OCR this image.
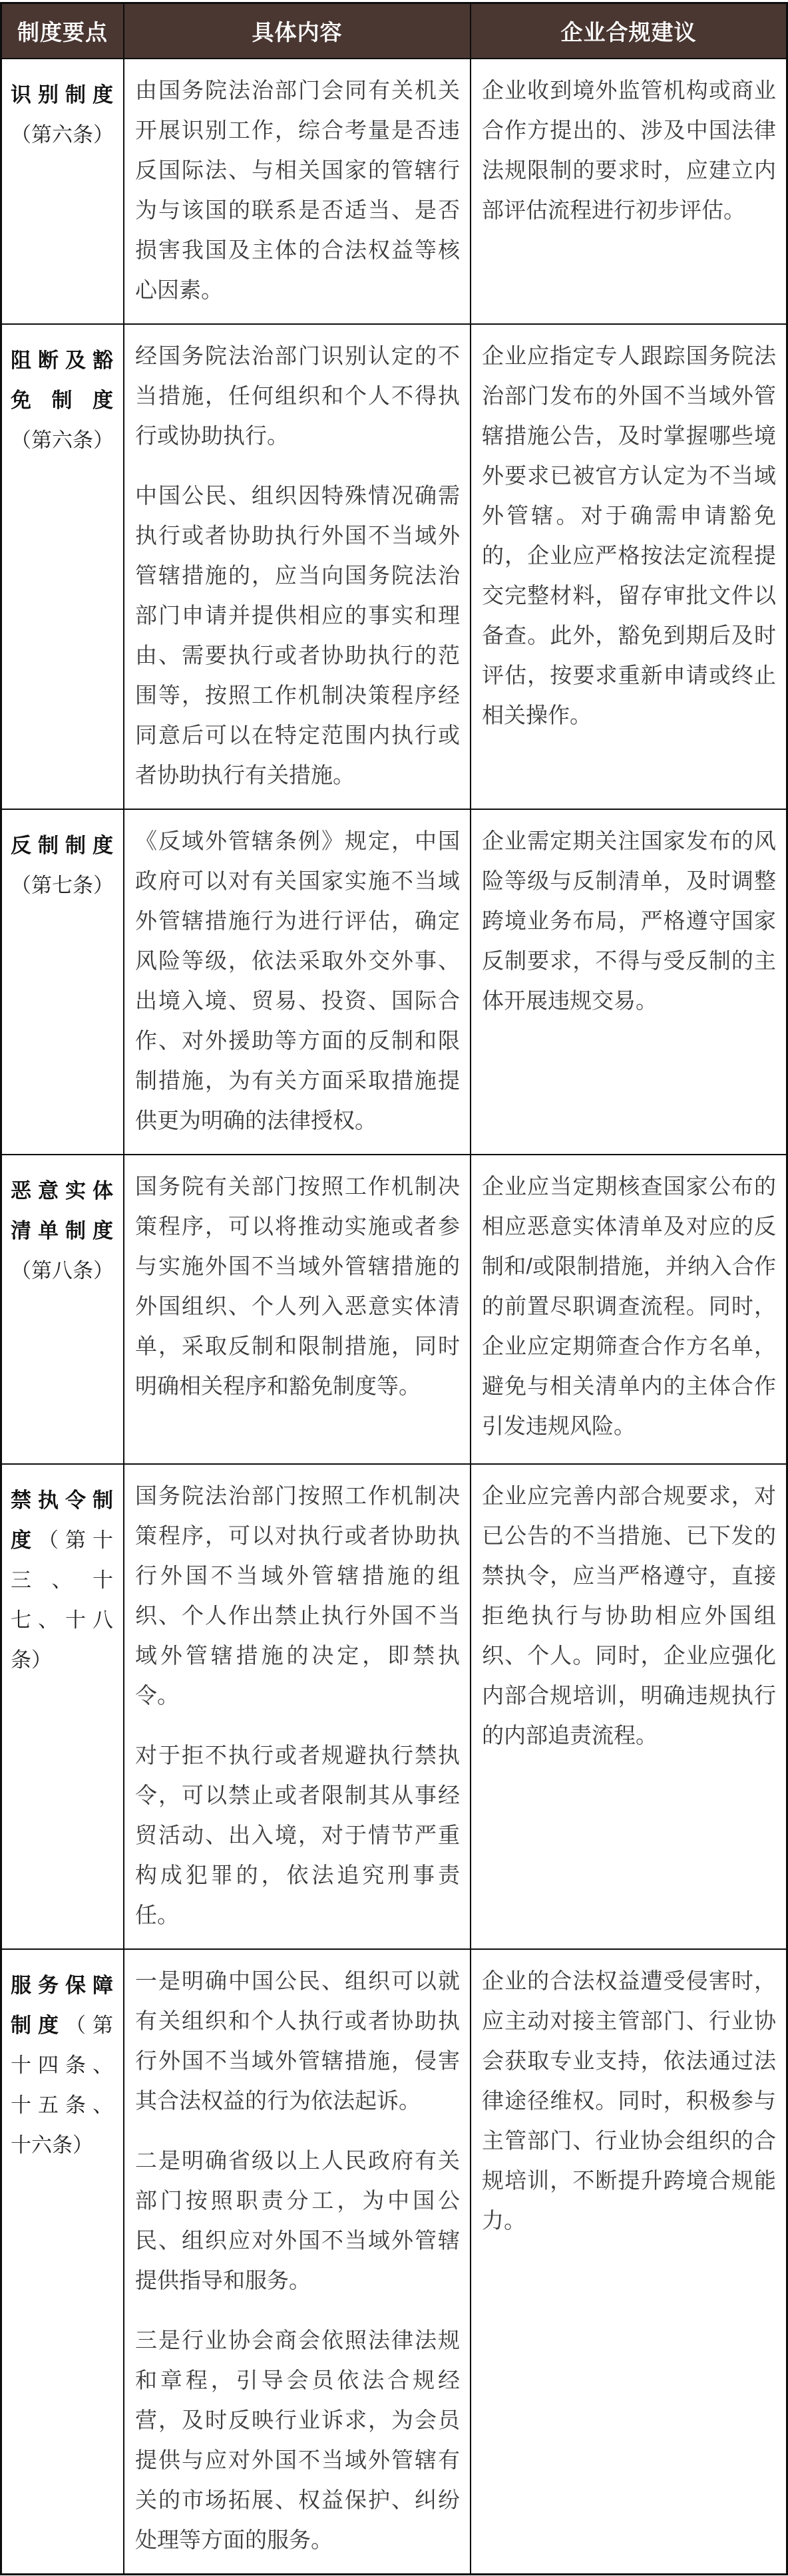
制度要点	具体内容	企业合规建议
识别制度（第六条）

由国务院法治部门会同有关机关开展识别工作，综合考量是否违反国际法、与相关国家的管辖行为与该国的联系是否适当、是否损害我国及主体的合法权益等核心因素。

企业收到境外监管机构或商业合作方提出的、涉及中国法律法规限制的要求时，应建立内部评估流程进行初步评估。

阻断及豁免制度（第六条）

经国务院法治部门识别认定的不当措施，任何组织和个人不得执行或协助执行。

中国公民、组织因特殊情况确需执行或者协助执行外国不当域外管辖措施的，应当向国务院法治部门申请并提供相应的事实和理由、需要执行或者协助执行的范围等，按照工作机制决策程序经同意后可以在特定范围内执行或者协助执行有关措施。

企业应指定专人跟踪国务院法治部门发布的外国不当域外管辖措施公告，及时掌握哪些境外要求已被官方认定为不当域外管辖。对于确需申请豁免的，企业应严格按法定流程提交完整材料，留存审批文件以备查。此外，豁免到期后及时评估，按要求重新申请或终止相关操作。

反制制度（第七条）

《反域外管辖条例》规定，中国政府可以对有关国家实施不当域外管辖措施行为进行评估，确定风险等级，依法采取外交外事、出境入境、贸易、投资、国际合作、对外援助等方面的反制和限制措施，为有关方面采取措施提供更为明确的法律授权。

企业需定期关注国家发布的风险等级与反制清单，及时调整跨境业务布局，严格遵守国家反制要求，不得与受反制的主体开展违规交易。

恶意实体清单制度（第八条）

国务院有关部门按照工作机制决策程序，可以将推动实施或者参与实施外国不当域外管辖措施的外国组织、个人列入恶意实体清单，采取反制和限制措施，同时明确相关程序和豁免制度等。

企业应当定期核查国家公布的相应恶意实体清单及对应的反制和/或限制措施，并纳入合作的前置尽职调查流程。同时，企业应定期筛查合作方名单，避免与相关清单内的主体合作引发违规风险。

禁执令制度（第十三、十七、十八条）

国务院法治部门按照工作机制决策程序，可以对执行或者协助执行外国不当域外管辖措施的组织、个人作出禁止执行外国不当域外管辖措施的决定，即禁执令。

对于拒不执行或者规避执行禁执令，可以禁止或者限制其从事经贸活动、出入境，对于情节严重构成犯罪的，依法追究刑事责任。

企业应完善内部合规要求，对已公告的不当措施、已下发的禁执令，应当严格遵守，直接拒绝执行与协助相应外国组织、个人。同时，企业应强化内部合规培训，明确违规执行的内部追责流程。

服务保障制度（第十四条、十五条、十六条）

一是明确中国公民、组织可以就有关组织和个人执行或者协助执行外国不当域外管辖措施，侵害其合法权益的行为依法起诉。

二是明确省级以上人民政府有关部门按照职责分工，为中国公民、组织应对外国不当域外管辖提供指导和服务。

三是行业协会商会依照法律法规和章程，引导会员依法合规经营，及时反映行业诉求，为会员提供与应对外国不当域外管辖有关的市场拓展、权益保护、纠纷处理等方面的服务。

企业的合法权益遭受侵害时，应主动对接主管部门、行业协会获取专业支持，依法通过法律途径维权。同时，积极参与主管部门、行业协会组织的合规培训，不断提升跨境合规能力。
